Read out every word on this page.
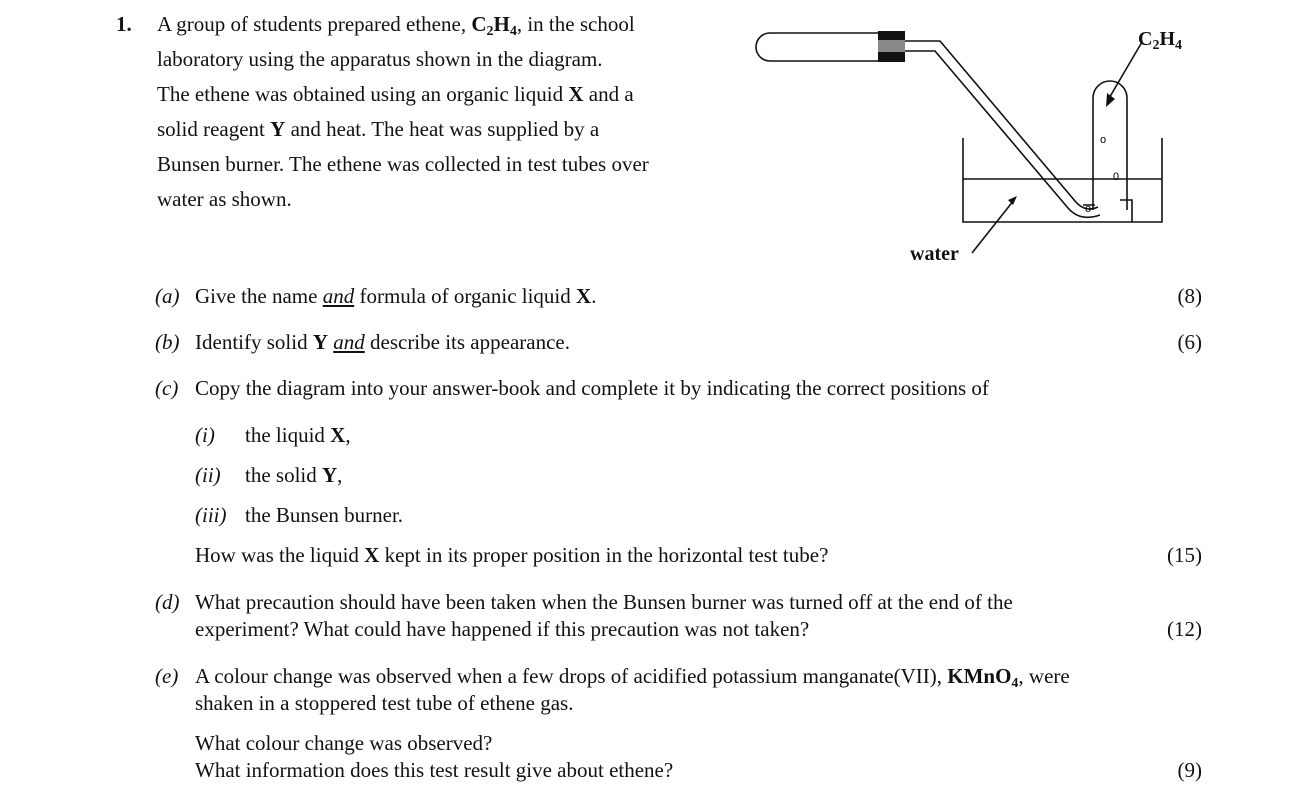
1. A group of students prepared ethene, $C_2H_4$, in the school
laboratory using the apparatus shown in the diagram.
The ethene was obtained using an organic liquid X and a
solid reagent Y and heat. The heat was supplied by a
Bunsen burner. The ethene was collected in test tubes over
water as shown.
o
0
o
$C_2H_4$
water
(a) Give the name and formula of organic liquid X.	(8)
(b) Identify solid Y and describe its appearance.	(6)
(c) Copy the diagram into your answer-book and complete it by indicating the correct positions of
(i) the liquid X,
(ii) the solid Y,
(iii) the Bunsen burner.
How was the liquid X kept in its proper position in the horizontal test tube?	(15)
(d) What precaution should have been taken when the Bunsen burner was turned off at the end of the
experiment? What could have happened if this precaution was not taken?	(12)
(e) A colour change was observed when a few drops of acidified potassium manganate(VII), KMnO$_4$, were
shaken in a stoppered test tube of ethene gas.
What colour change was observed?
What information does this test result give about ethene?	(9)
